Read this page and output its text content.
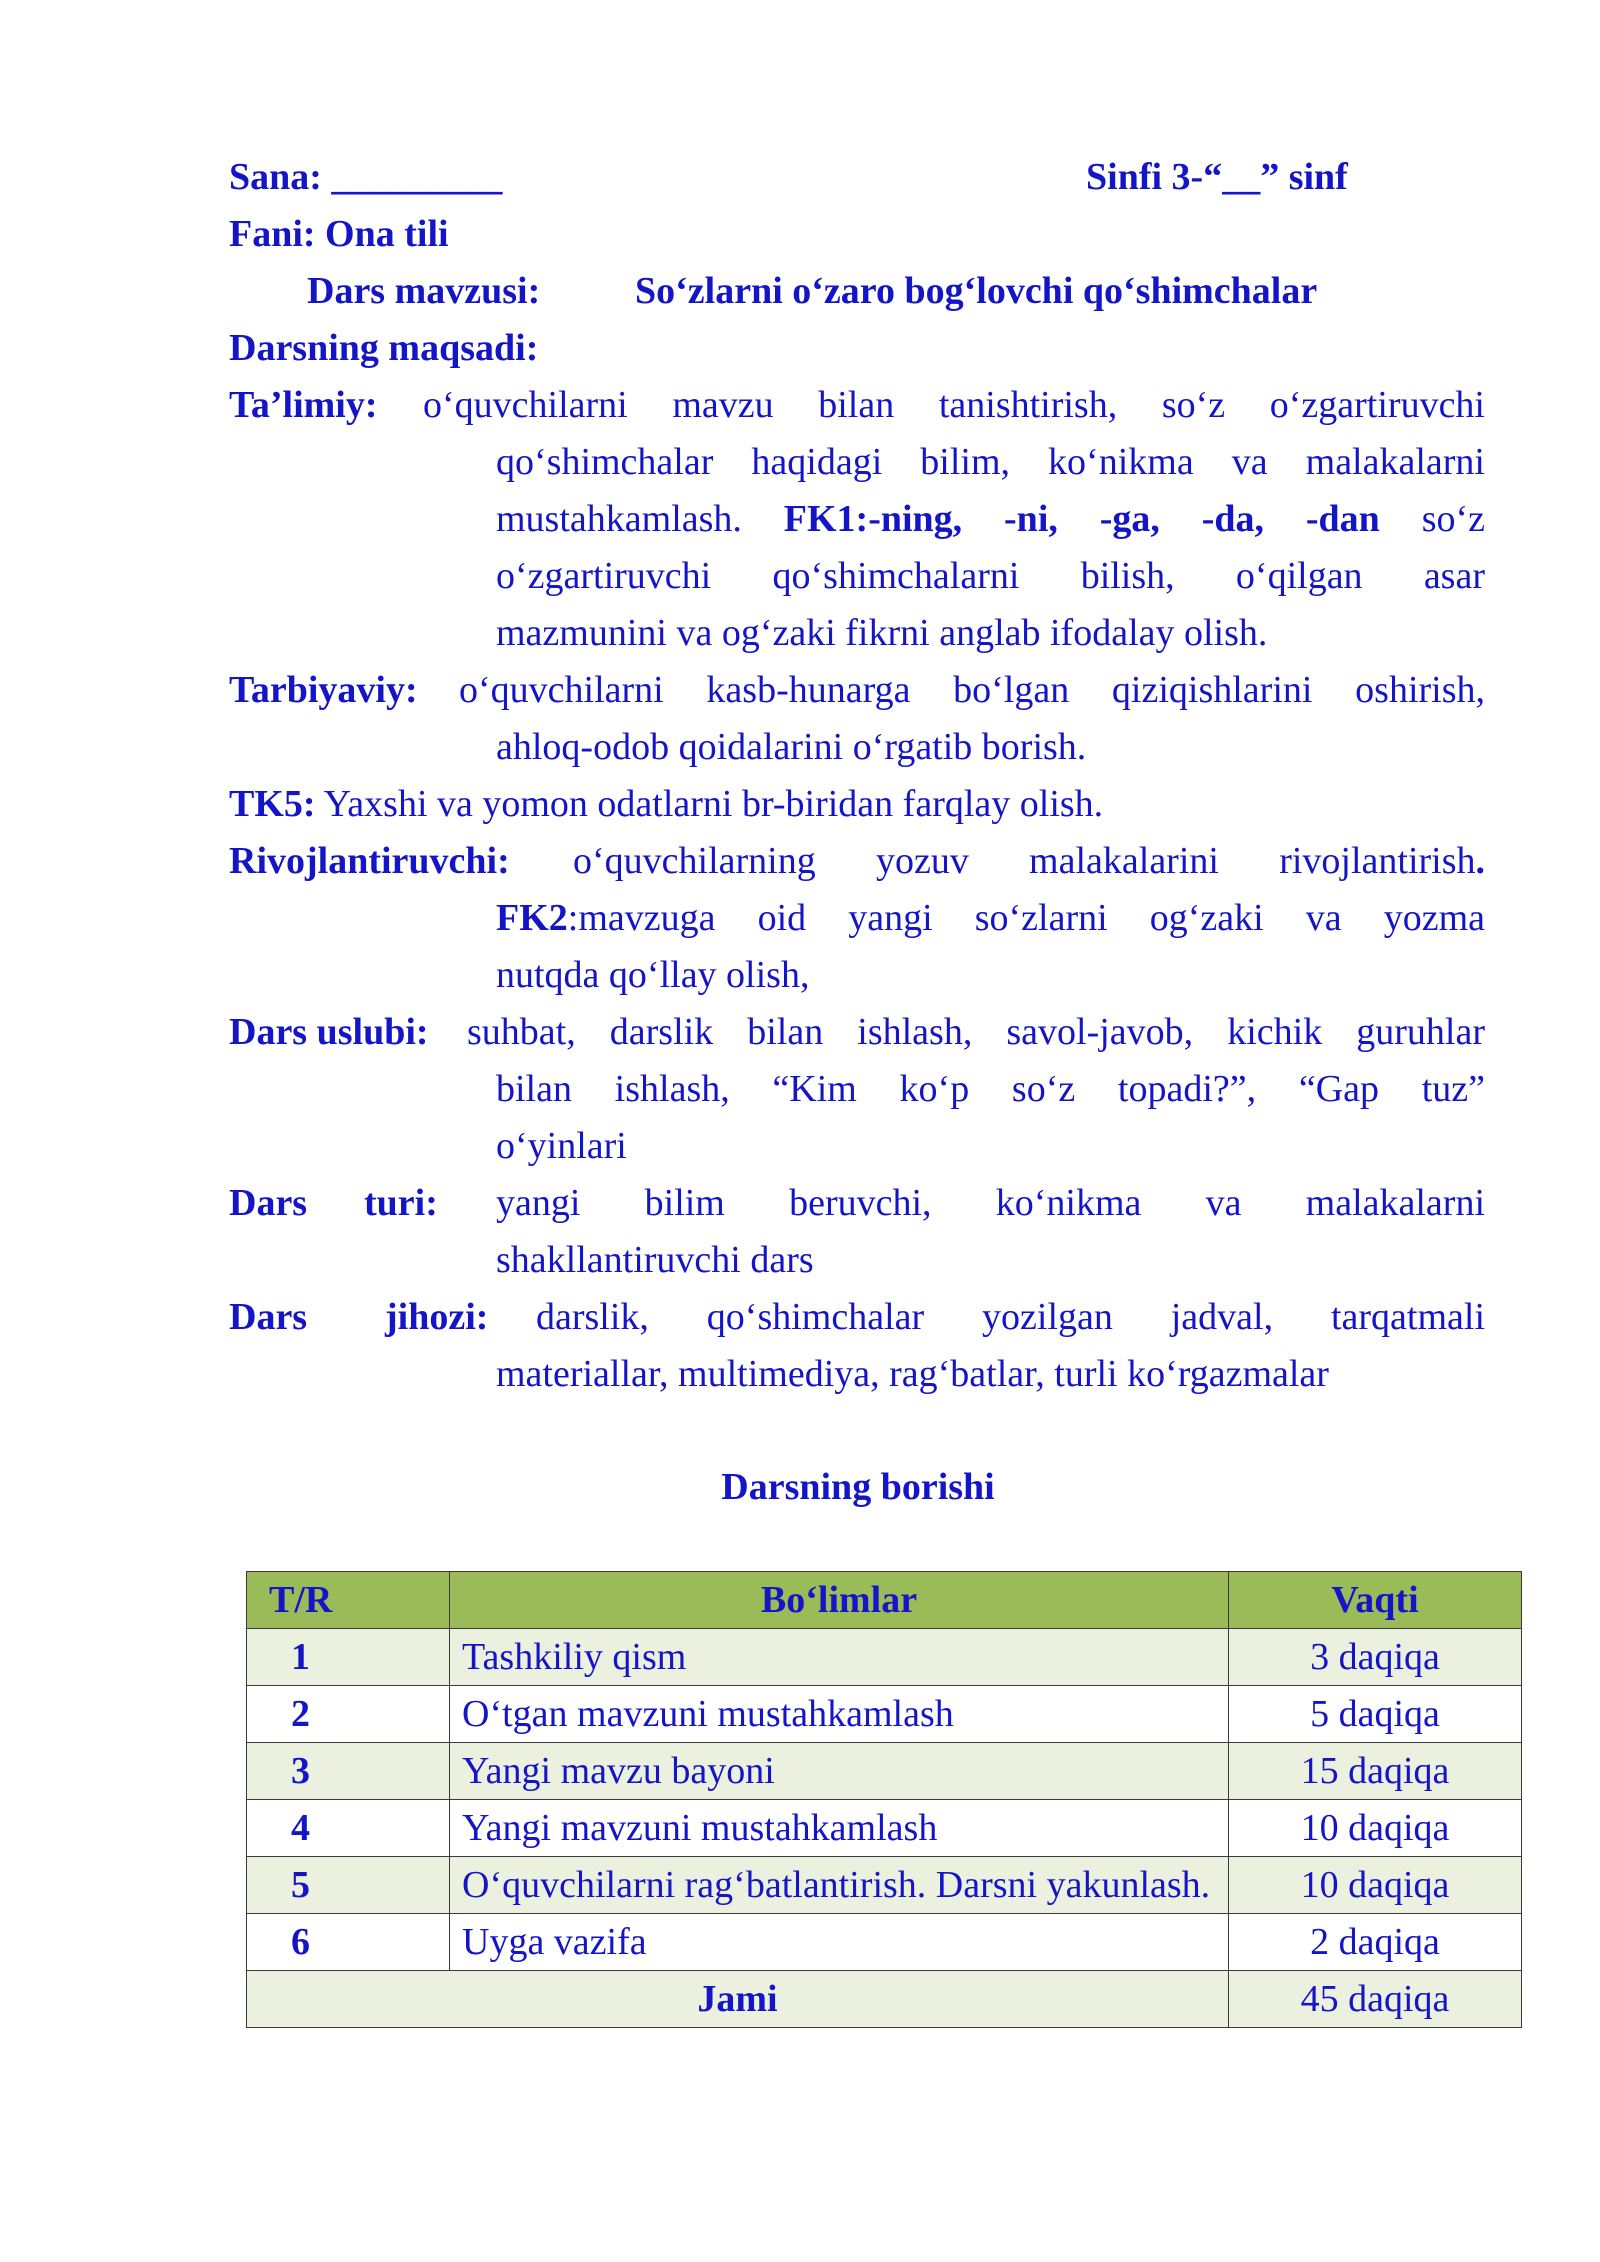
Sana: _________	Sinfi 3-“__” sinf
Fani: Ona tili
Dars mavzusi: So‘zlarni o‘zaro bog‘lovchi qo‘shimchalar
Darsning maqsadi:
Ta’limiy: o‘quvchilarni mavzu bilan tanishtirish, so‘z o‘zgartiruvchi
qo‘shimchalar haqidagi bilim, ko‘nikma va malakalarni
mustahkamlash. FK1:-ning, -ni, -ga, -da, -dan so‘z
o‘zgartiruvchi qo‘shimchalarni bilish, o‘qilgan asar
mazmunini va og‘zaki fikrni anglab ifodalay olish.
Tarbiyaviy: o‘quvchilarni kasb-hunarga bo‘lgan qiziqishlarini oshirish,
ahloq-odob qoidalarini o‘rgatib borish.
TK5: Yaxshi va yomon odatlarni br-biridan farqlay olish.
Rivojlantiruvchi: o‘quvchilarning yozuv malakalarini rivojlantirish.
FK2:mavzuga oid yangi so‘zlarni og‘zaki va yozma
nutqda qo‘llay olish,
Dars uslubi: suhbat, darslik bilan ishlash, savol-javob, kichik guruhlar
bilan ishlash, “Kim ko‘p so‘z topadi?”, “Gap tuz”
o‘yinlari
Dars turi: yangi bilim beruvchi, ko‘nikma va malakalarni
shakllantiruvchi dars
Dars jihozi: darslik, qo‘shimchalar yozilgan jadval, tarqatmali
materiallar, multimediya, rag‘batlar, turli ko‘rgazmalar
Darsning borishi
T/R	Bo‘limlar	Vaqti
1	Tashkiliy qism	3 daqiqa
2	O‘tgan mavzuni mustahkamlash	5 daqiqa
3	Yangi mavzu bayoni	15 daqiqa
4	Yangi mavzuni mustahkamlash	10 daqiqa
5	O‘quvchilarni rag‘batlantirish. Darsni yakunlash.	10 daqiqa
6	Uyga vazifa	2 daqiqa
Jami		45 daqiqa
